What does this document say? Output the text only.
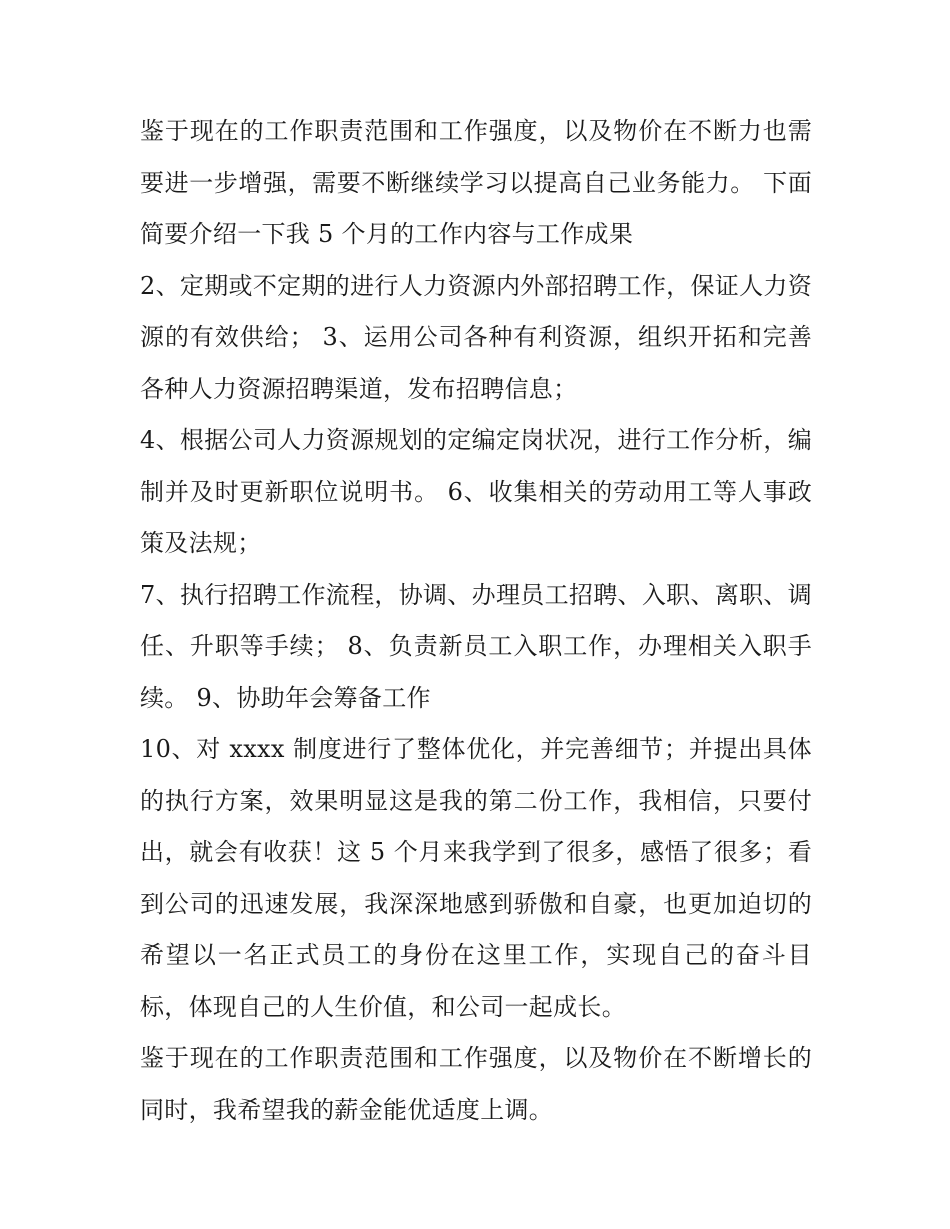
鉴于现在的工作职责范围和工作强度，以及物价在不断力也需要进一步增强，需要不断继续学习以提高自己业务能力。 下面简要介绍一下我 5 个月的工作内容与工作成果

2、定期或不定期的进行人力资源内外部招聘工作，保证人力资源的有效供给； 3、运用公司各种有利资源，组织开拓和完善各种人力资源招聘渠道，发布招聘信息；

4、根据公司人力资源规划的定编定岗状况，进行工作分析，编制并及时更新职位说明书。 6、收集相关的劳动用工等人事政策及法规；

7、执行招聘工作流程，协调、办理员工招聘、入职、离职、调任、升职等手续； 8、负责新员工入职工作，办理相关入职手续。 9、协助年会筹备工作

10、对 xxxx 制度进行了整体优化，并完善细节；并提出具体的执行方案，效果明显这是我的第二份工作，我相信，只要付出，就会有收获！这 5 个月来我学到了很多，感悟了很多；看到公司的迅速发展，我深深地感到骄傲和自豪，也更加迫切的希望以一名正式员工的身份在这里工作，实现自己的奋斗目标，体现自己的人生价值，和公司一起成长。

鉴于现在的工作职责范围和工作强度，以及物价在不断增长的同时，我希望我的薪金能优适度上调。
